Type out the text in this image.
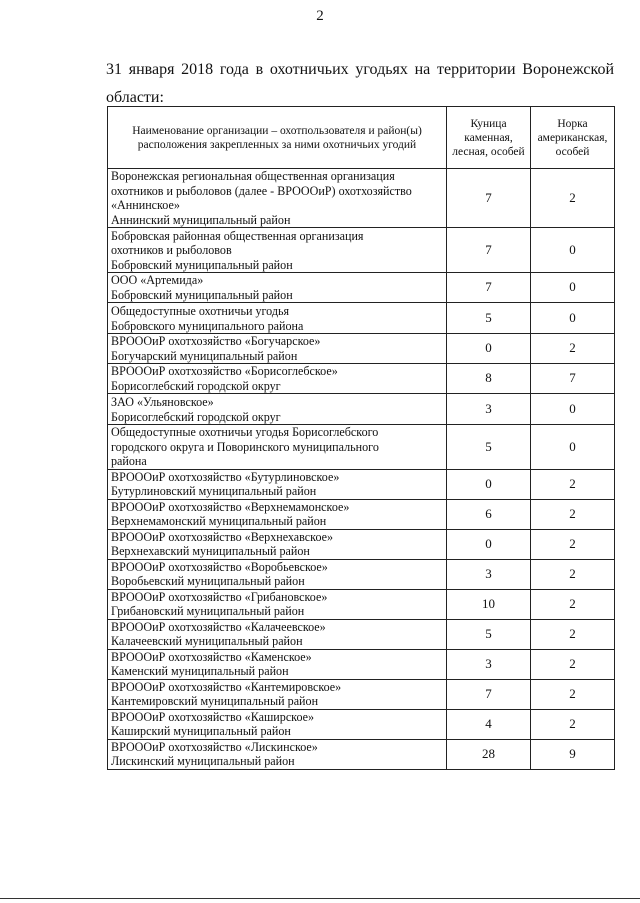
2

31 января 2018 года в охотничьих угодьях на территории Воронежской
области:

Наименование организации – охотпользователя и район(ы) расположения закрепленных за ними охотничьих угодий	Куница каменная, лесная, особей	Норка американская, особей

Воронежская региональная общественная организация
охотников и рыболовов (далее - ВРОООиР) охотхозяйство
«Аннинское»
Аннинский муниципальный район	7	2

Бобровская районная общественная организация
охотников и рыболовов
Бобровский муниципальный район	7	0

ООО «Артемида»
Бобровский муниципальный район	7	0

Общедоступные охотничьи угодья
Бобровского муниципального района	5	0

ВРОООиР охотхозяйство «Богучарское»
Богучарский муниципальный район	0	2

ВРОООиР охотхозяйство «Борисоглебское»
Борисоглебский городской округ	8	7

ЗАО «Ульяновское»
Борисоглебский городской округ	3	0

Общедоступные охотничьи угодья Борисоглебского
городского округа и Поворинского муниципального
района	5	0

ВРОООиР охотхозяйство «Бутурлиновское»
Бутурлиновский муниципальный район	0	2

ВРОООиР охотхозяйство «Верхнемамонское»
Верхнемамонский муниципальный район	6	2

ВРОООиР охотхозяйство «Верхнехавское»
Верхнехавский муниципальный район	0	2

ВРОООиР охотхозяйство «Воробьевское»
Воробьевский муниципальный район	3	2

ВРОООиР охотхозяйство «Грибановское»
Грибановский муниципальный район	10	2

ВРОООиР охотхозяйство «Калачеевское»
Калачеевский муниципальный район	5	2

ВРОООиР охотхозяйство «Каменское»
Каменский муниципальный район	3	2

ВРОООиР охотхозяйство «Кантемировское»
Кантемировский муниципальный район	7	2

ВРОООиР охотхозяйство «Каширское»
Каширский муниципальный район	4	2

ВРОООиР охотхозяйство «Лискинское»
Лискинский муниципальный район	28	9
